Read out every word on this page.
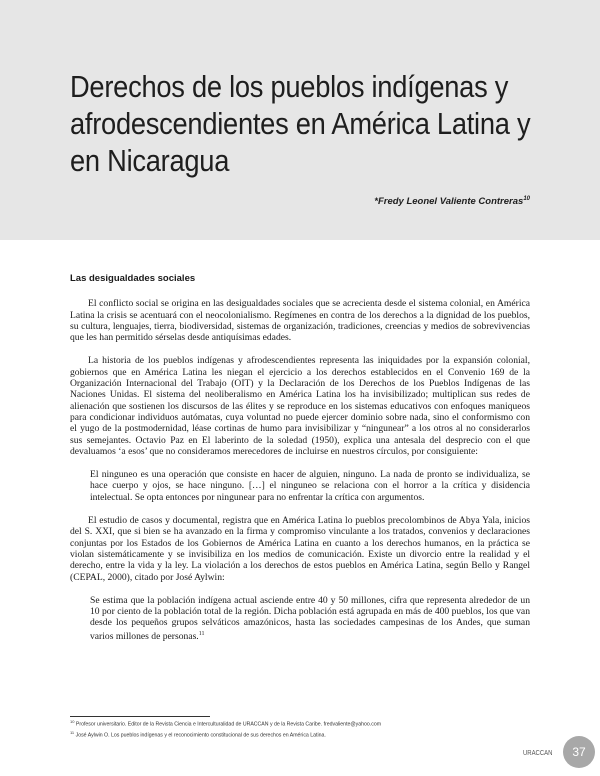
Derechos de los pueblos indígenas y afrodescendientes en América Latina y en Nicaragua
*Fredy Leonel Valiente Contreras$^{10}$
Las desigualdades sociales

El conflicto social se origina en las desigualdades sociales que se acrecienta desde el sistema colonial, en América Latina la crisis se acentuará con el neocolonialismo. Regímenes en contra de los derechos a la dignidad de los pueblos, su cultura, lenguajes, tierra, biodiversidad, sistemas de organización, tradiciones, creencias y medios de sobrevivencias que les han permitido sérselas desde antiquísimas edades.

La historia de los pueblos indígenas y afrodescendientes representa las iniquidades por la expansión colonial, gobiernos que en América Latina les niegan el ejercicio a los derechos establecidos en el Convenio 169 de la Organización Internacional del Trabajo (OIT) y la Declaración de los Derechos de los Pueblos Indígenas de las Naciones Unidas. El sistema del neoliberalismo en América Latina los ha invisibilizado; multiplican sus redes de alienación que sostienen los discursos de las élites y se reproduce en los sistemas educativos con enfoques maniqueos para condicionar individuos autómatas, cuya voluntad no puede ejercer dominio sobre nada, sino el conformismo con el yugo de la postmodernidad, léase cortinas de humo para invisibilizar y “ningunear” a los otros al no considerarlos sus semejantes. Octavio Paz en El laberinto de la soledad (1950), explica una antesala del desprecio con el que devaluamos ‘a esos’ que no consideramos merecedores de incluirse en nuestros círculos, por consiguiente:

El ninguneo es una operación que consiste en hacer de alguien, ninguno. La nada de pronto se individualiza, se hace cuerpo y ojos, se hace ninguno. […] el ninguneo se relaciona con el horror a la crítica y disidencia intelectual. Se opta entonces por ningunear para no enfrentar la crítica con argumentos.

El estudio de casos y documental, registra que en América Latina lo pueblos precolombinos de Abya Yala, inicios del S. XXI, que si bien se ha avanzado en la firma y compromiso vinculante a los tratados, convenios y declaraciones conjuntas por los Estados de los Gobiernos de América Latina en cuanto a los derechos humanos, en la práctica se violan sistemáticamente y se invisibiliza en los medios de comunicación. Existe un divorcio entre la realidad y el derecho, entre la vida y la ley. La violación a los derechos de estos pueblos en América Latina, según Bello y Rangel (CEPAL, 2000), citado por José Aylwin:

Se estima que la población indígena actual asciende entre 40 y 50 millones, cifra que representa alrededor de un 10 por ciento de la población total de la región. Dicha población está agrupada en más de 400 pueblos, los que van desde los pequeños grupos selváticos amazónicos, hasta las sociedades campesinas de los Andes, que suman varios millones de personas.$^{11}$

$^{10}$ Profesor universitario. Editor de la Revista Ciencia e Interculturalidad de URACCAN y de la Revista Caribe. fredvaliente@yahoo.com
$^{11}$ José Aylwin O. Los pueblos indígenas y el reconocimiento constitucional de sus derechos en América Latina.
URACCAN 37
